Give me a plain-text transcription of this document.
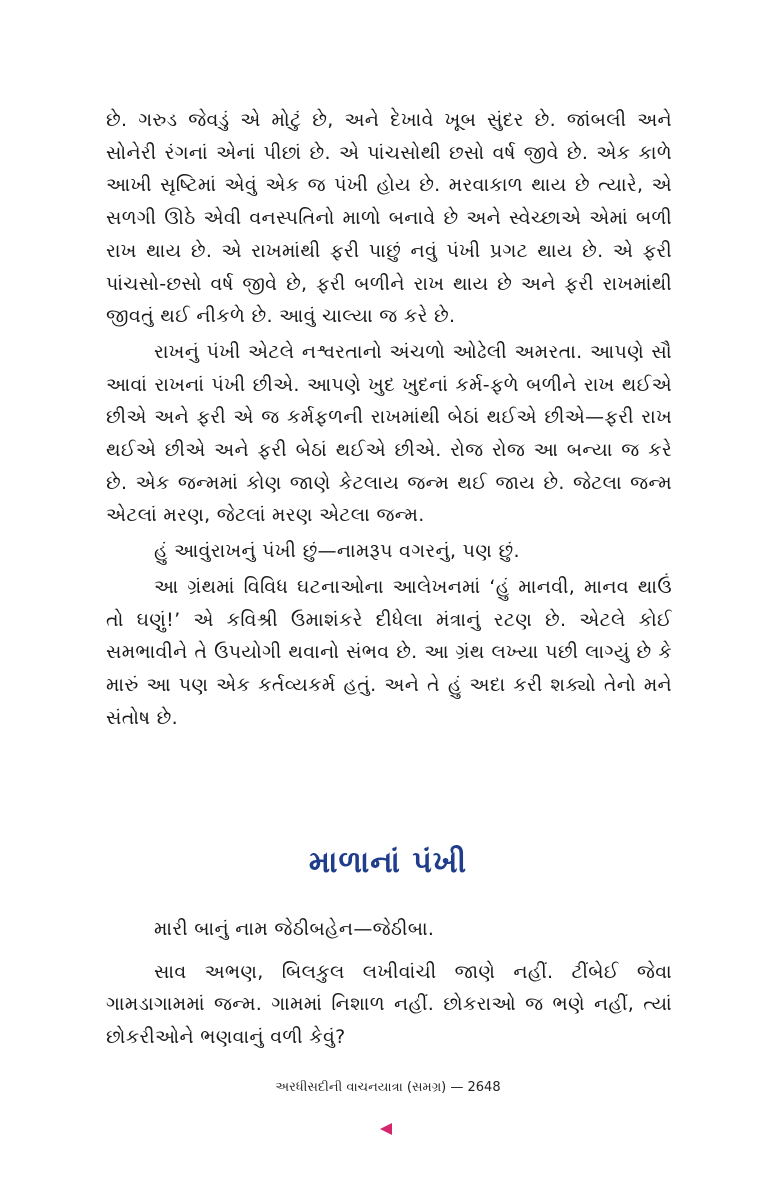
છે. ગરુડ જેવડું એ મોટું છે, અને દેખાવે ખૂબ સુંદર છે. જાંબલી અને સોનેરી રંગનાં એનાં પીછાં છે. એ પાંચસોથી છસો વર્ષ જીવે છે. એક કાળે આખી સૃષ્ટિમાં એવું એક જ પંખી હોય છે. મરવાકાળ થાય છે ત્યારે, એ સળગી ઊઠે એવી વનસ્પતિનો માળો બનાવે છે અને સ્વેચ્છાએ એમાં બળી રાખ થાય છે. એ રાખમાંથી ફરી પાછું નવું પંખી પ્રગટ થાય છે. એ ફરી પાંચસો-છસો વર્ષ જીવે છે, ફરી બળીને રાખ થાય છે અને ફરી રાખમાંથી જીવતું થઈ નીકળે છે. આવું ચાલ્યા જ કરે છે.

રાખનું પંખી એટલે નશ્વરતાનો અંચળો ઓઢેલી અમરતા. આપણે સૌ આવાં રાખનાં પંખી છીએ. આપણે ખુદ ખુદનાં કર્મ-ફળે બળીને રાખ થઈએ છીએ અને ફરી એ જ કર્મફળની રાખમાંથી બેઠાં થઈએ છીએ—ફરી રાખ થઈએ છીએ અને ફરી બેઠાં થઈએ છીએ. રોજ રોજ આ બન્યા જ કરે છે. એક જન્મમાં કોણ જાણે કેટલાય જન્મ થઈ જાય છે. જેટલા જન્મ એટલાં મરણ, જેટલાં મરણ એટલા જન્મ.

હું આવુંરાખનું પંખી છું—નામરૂપ વગરનું, પણ છું.

આ ગ્રંથમાં વિવિધ ઘટનાઓના આલેખનમાં ‘હું માનવી, માનવ થાઉં તો ઘણું!’ એ કવિશ્રી ઉમાશંકરે દીધેલા મંત્રાનું રટણ છે. એટલે કોઈ સમભાવીને તે ઉપયોગી થવાનો સંભવ છે. આ ગ્રંથ લખ્યા પછી લાગ્યું છે કે મારું આ પણ એક કર્તવ્યકર્મ હતું. અને તે હું અદા કરી શક્યો તેનો મને સંતોષ છે.

માળાનાં પંખી

મારી બાનું નામ જેઠીબહેન—જેઠીબા.

સાવ અભણ, બિલકુલ લખીવાંચી જાણે નહીં. ટીંબેઈ જેવા ગામડાગામમાં જન્મ. ગામમાં નિશાળ નહીં. છોકરાઓ જ ભણે નહીં, ત્યાં છોકરીઓને ભણવાનું વળી કેવું?

અરધીસદીની વાચનયાત્રા (સમગ્ર) — 2648
